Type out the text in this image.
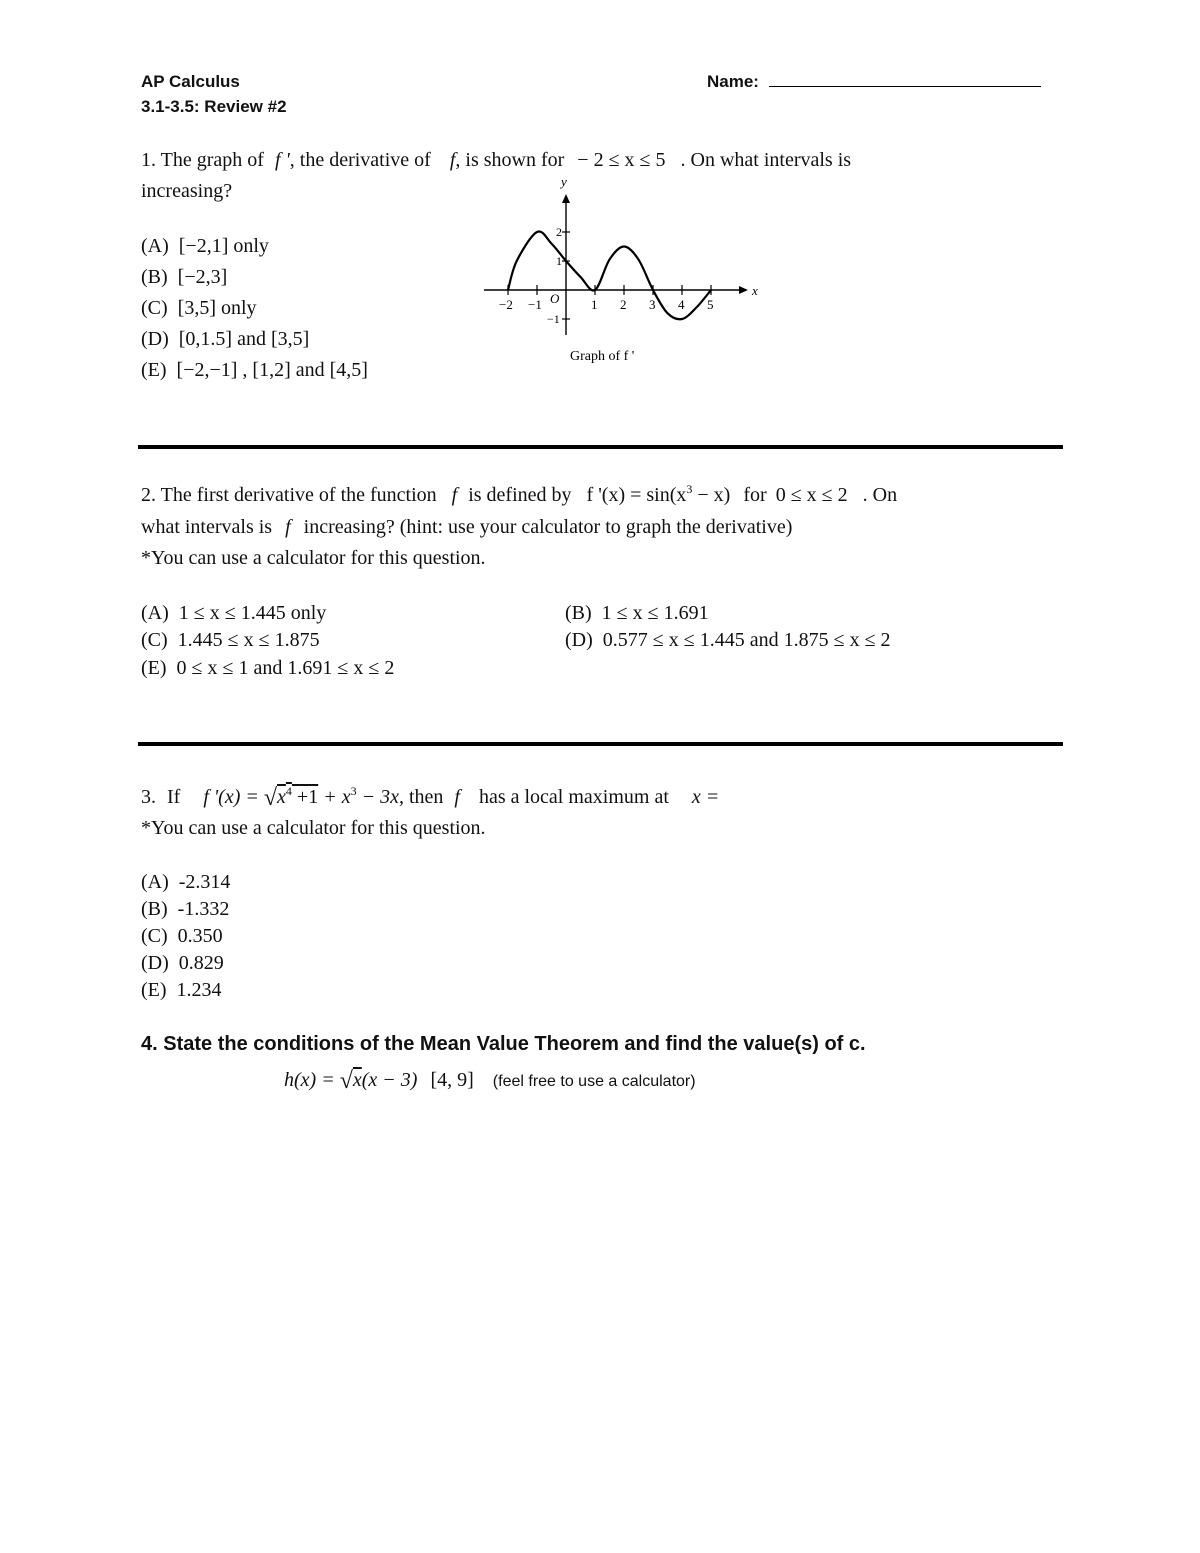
AP Calculus
3.1-3.5: Review #2
Name:
1. The graph of f ', the derivative of f, is shown for − 2 ≤ x ≤ 5 . On what intervals is
increasing?
(A) [−2,1] only
(B) [−2,3]
(C) [3,5] only
(D) [0,1.5] and [3,5]
(E) [−2,−1] , [1,2] and [4,5]
x
y
O
−2 −1	1 2 3 4 5
2
1
−1
Graph of f '
2. The first derivative of the function f is defined by f '$(x) = \sin(x^3 - x)$ for 0 ≤ x ≤ 2 . On
what intervals is f increasing? (hint: use your calculator to graph the derivative)
*You can use a calculator for this question.
(A) 1 ≤ x ≤ 1.445 only	(B) 1 ≤ x ≤ 1.691
(C) 1.445 ≤ x ≤ 1.875	(D) 0.577 ≤ x ≤ 1.445 and 1.875 ≤ x ≤ 2
(E) 0 ≤ x ≤ 1 and 1.691 ≤ x ≤ 2
3. If f '$(x) = √x^4 +1 + x^3 - 3x$, then f has a local maximum at x =
*You can use a calculator for this question.
(A) -2.314
(B) -1.332
(C) 0.350
(D) 0.829
(E) 1.234
4. State the conditions of the Mean Value Theorem and find the value(s) of c.
h(x) = √x(x − 3) [4, 9] (feel free to use a calculator)
